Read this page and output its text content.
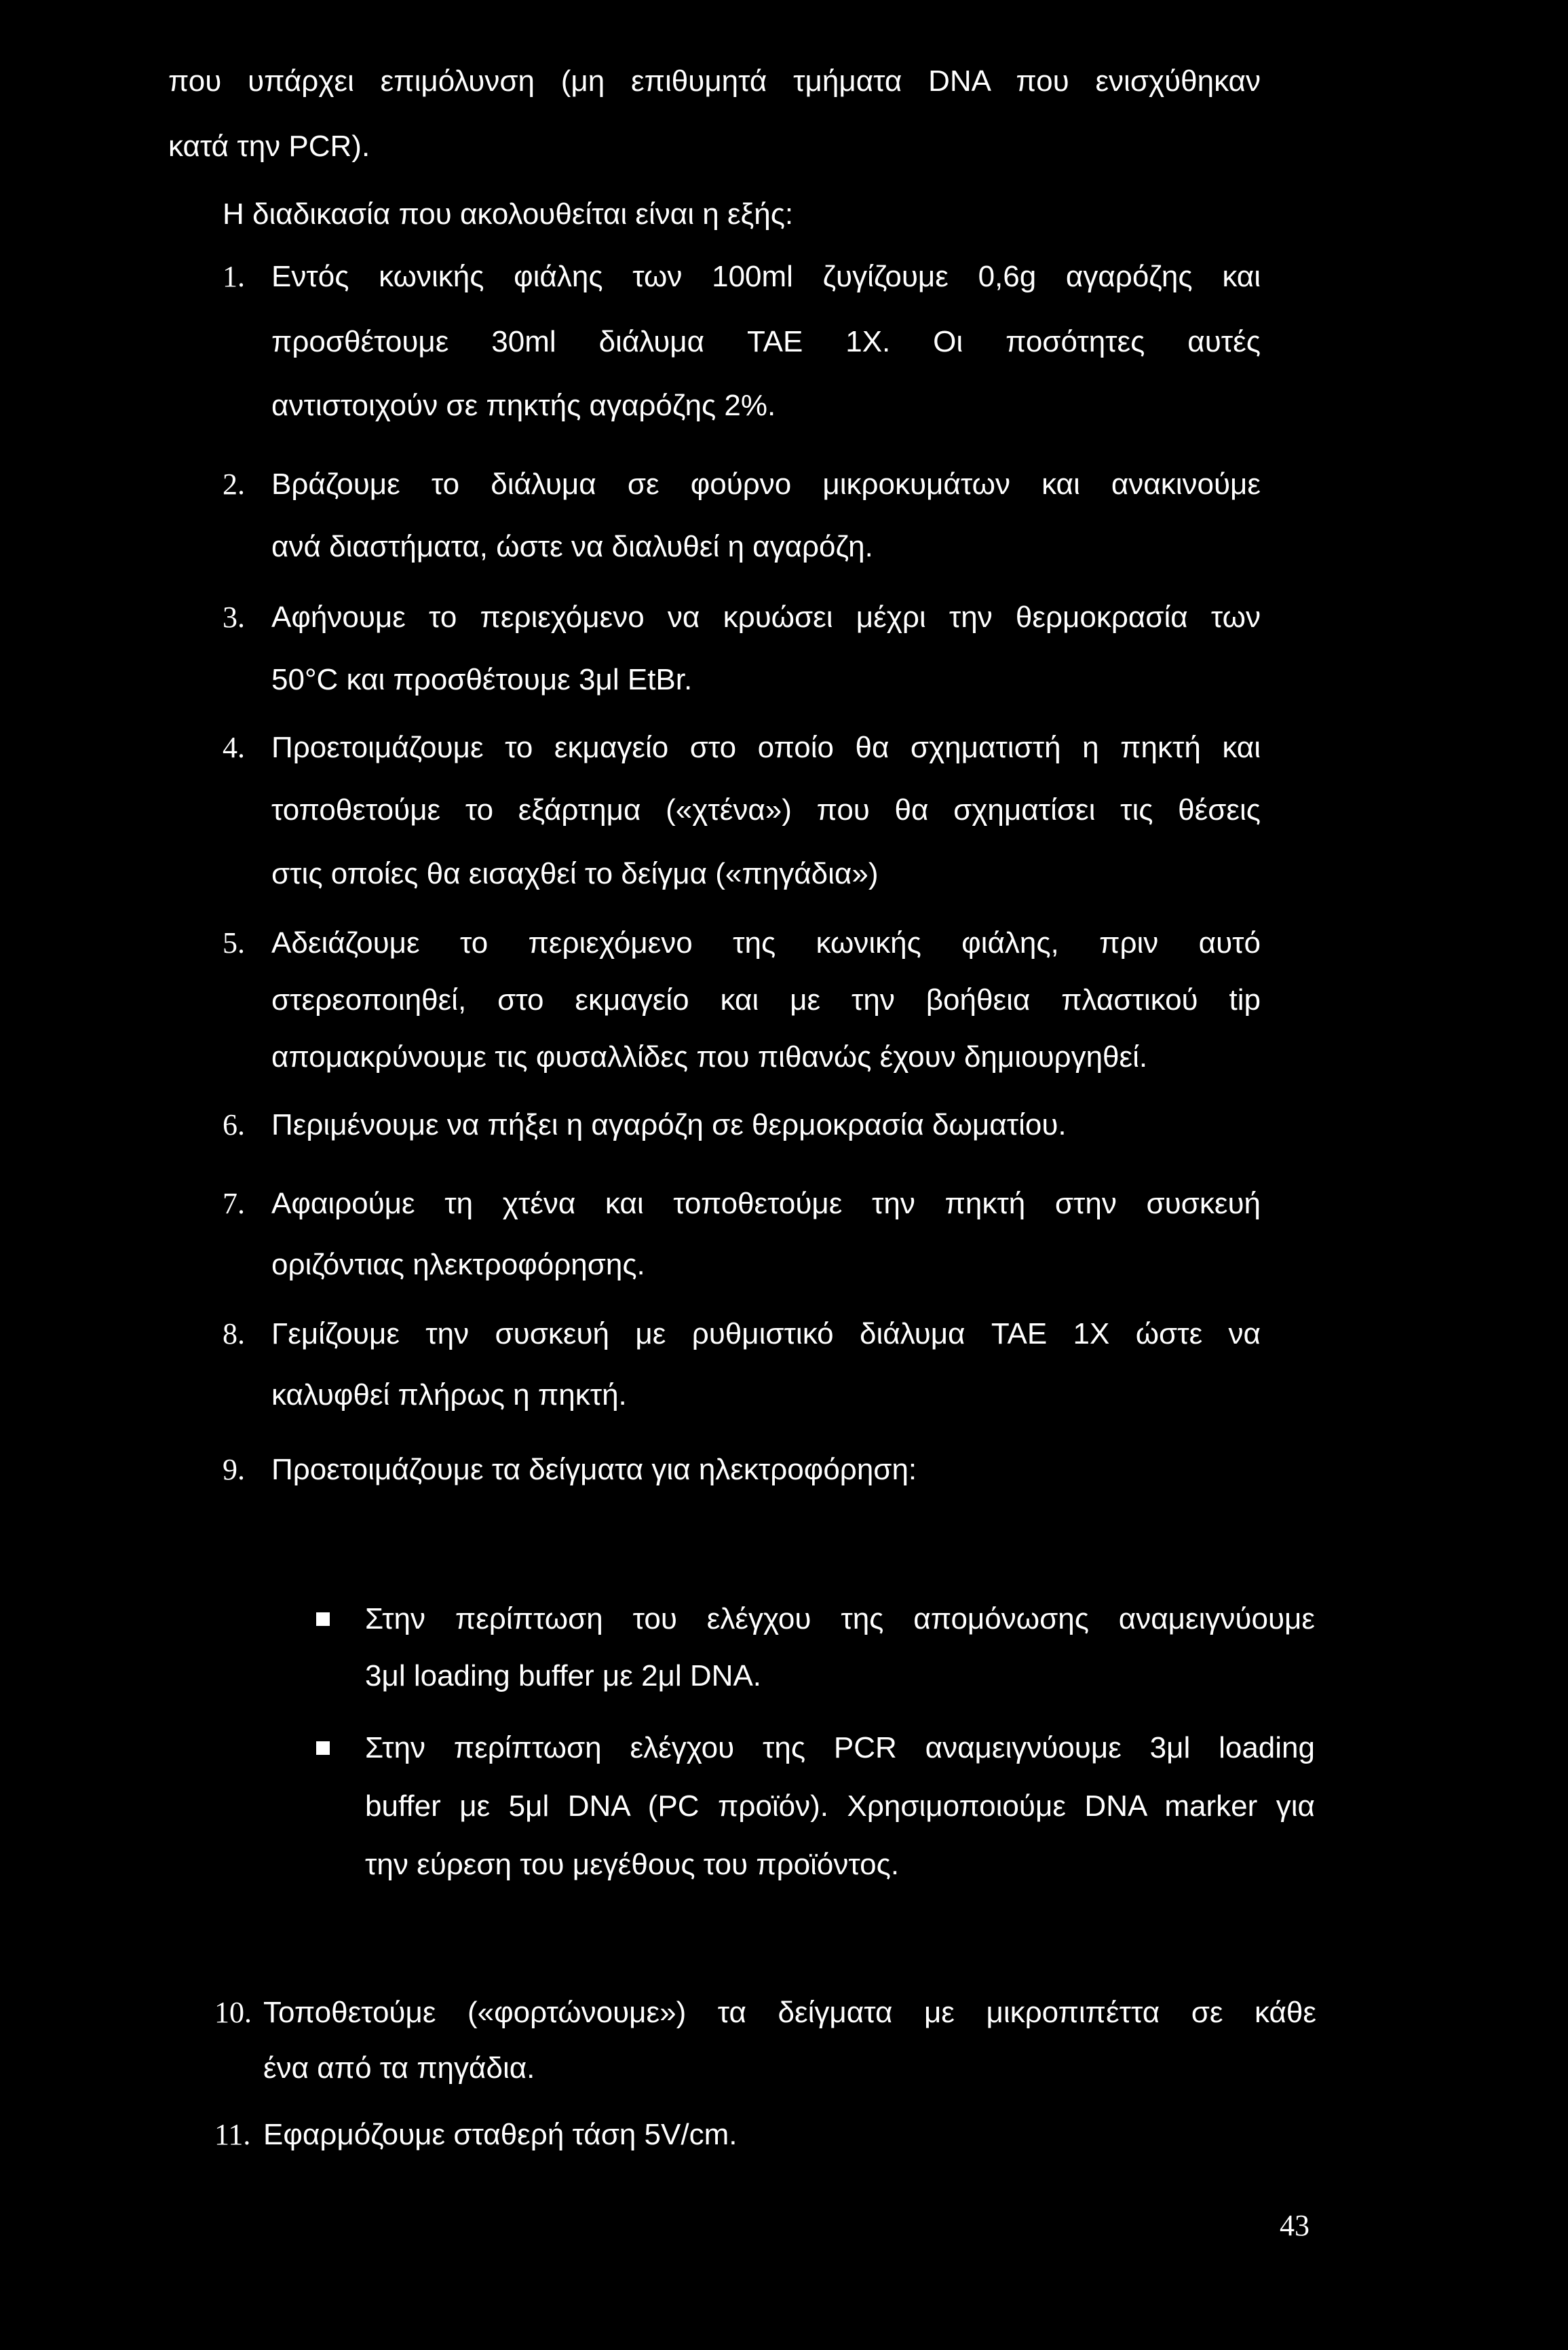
που υπάρχει επιμόλυνση (μη επιθυμητά τμήματα DNA που ενισχύθηκαν
κατά την PCR).
Η διαδικασία που ακολουθείται είναι η εξής:
1. Εντός κωνικής φιάλης των 100ml ζυγίζουμε 0,6g αγαρόζης και
προσθέτουμε 30ml διάλυμα TAE 1X. Οι ποσότητες αυτές
αντιστοιχούν σε πηκτής αγαρόζης 2%.
2. Βράζουμε το διάλυμα σε φούρνο μικροκυμάτων και ανακινούμε
ανά διαστήματα, ώστε να διαλυθεί η αγαρόζη.
3. Αφήνουμε το περιεχόμενο να κρυώσει μέχρι την θερμοκρασία των
50°C και προσθέτουμε 3μl EtBr.
4. Προετοιμάζουμε το εκμαγείο στο οποίο θα σχηματιστή η πηκτή και
τοποθετούμε το εξάρτημα («χτένα») που θα σχηματίσει τις θέσεις
στις οποίες θα εισαχθεί το δείγμα («πηγάδια»)
5. Αδειάζουμε το περιεχόμενο της κωνικής φιάλης, πριν αυτό
στερεοποιηθεί, στο εκμαγείο και με την βοήθεια πλαστικού tip
απομακρύνουμε τις φυσαλλίδες που πιθανώς έχουν δημιουργηθεί.
6. Περιμένουμε να πήξει η αγαρόζη σε θερμοκρασία δωματίου.
7. Αφαιρούμε τη χτένα και τοποθετούμε την πηκτή στην συσκευή
οριζόντιας ηλεκτροφόρησης.
8. Γεμίζουμε την συσκευή με ρυθμιστικό διάλυμα TAE 1X ώστε να
καλυφθεί πλήρως η πηκτή.
9. Προετοιμάζουμε τα δείγματα για ηλεκτροφόρηση:
Στην περίπτωση του ελέγχου της απομόνωσης αναμειγνύουμε
3μl loading buffer με 2μl DNA.
Στην περίπτωση ελέγχου της PCR αναμειγνύουμε 3μl loading
buffer με 5μl DNA (PC προϊόν). Χρησιμοποιούμε DNA marker για
την εύρεση του μεγέθους του προϊόντος.
10. Τοποθετούμε («φορτώνουμε») τα δείγματα με μικροπιπέττα σε κάθε
ένα από τα πηγάδια.
11. Εφαρμόζουμε σταθερή τάση 5V/cm.
43
